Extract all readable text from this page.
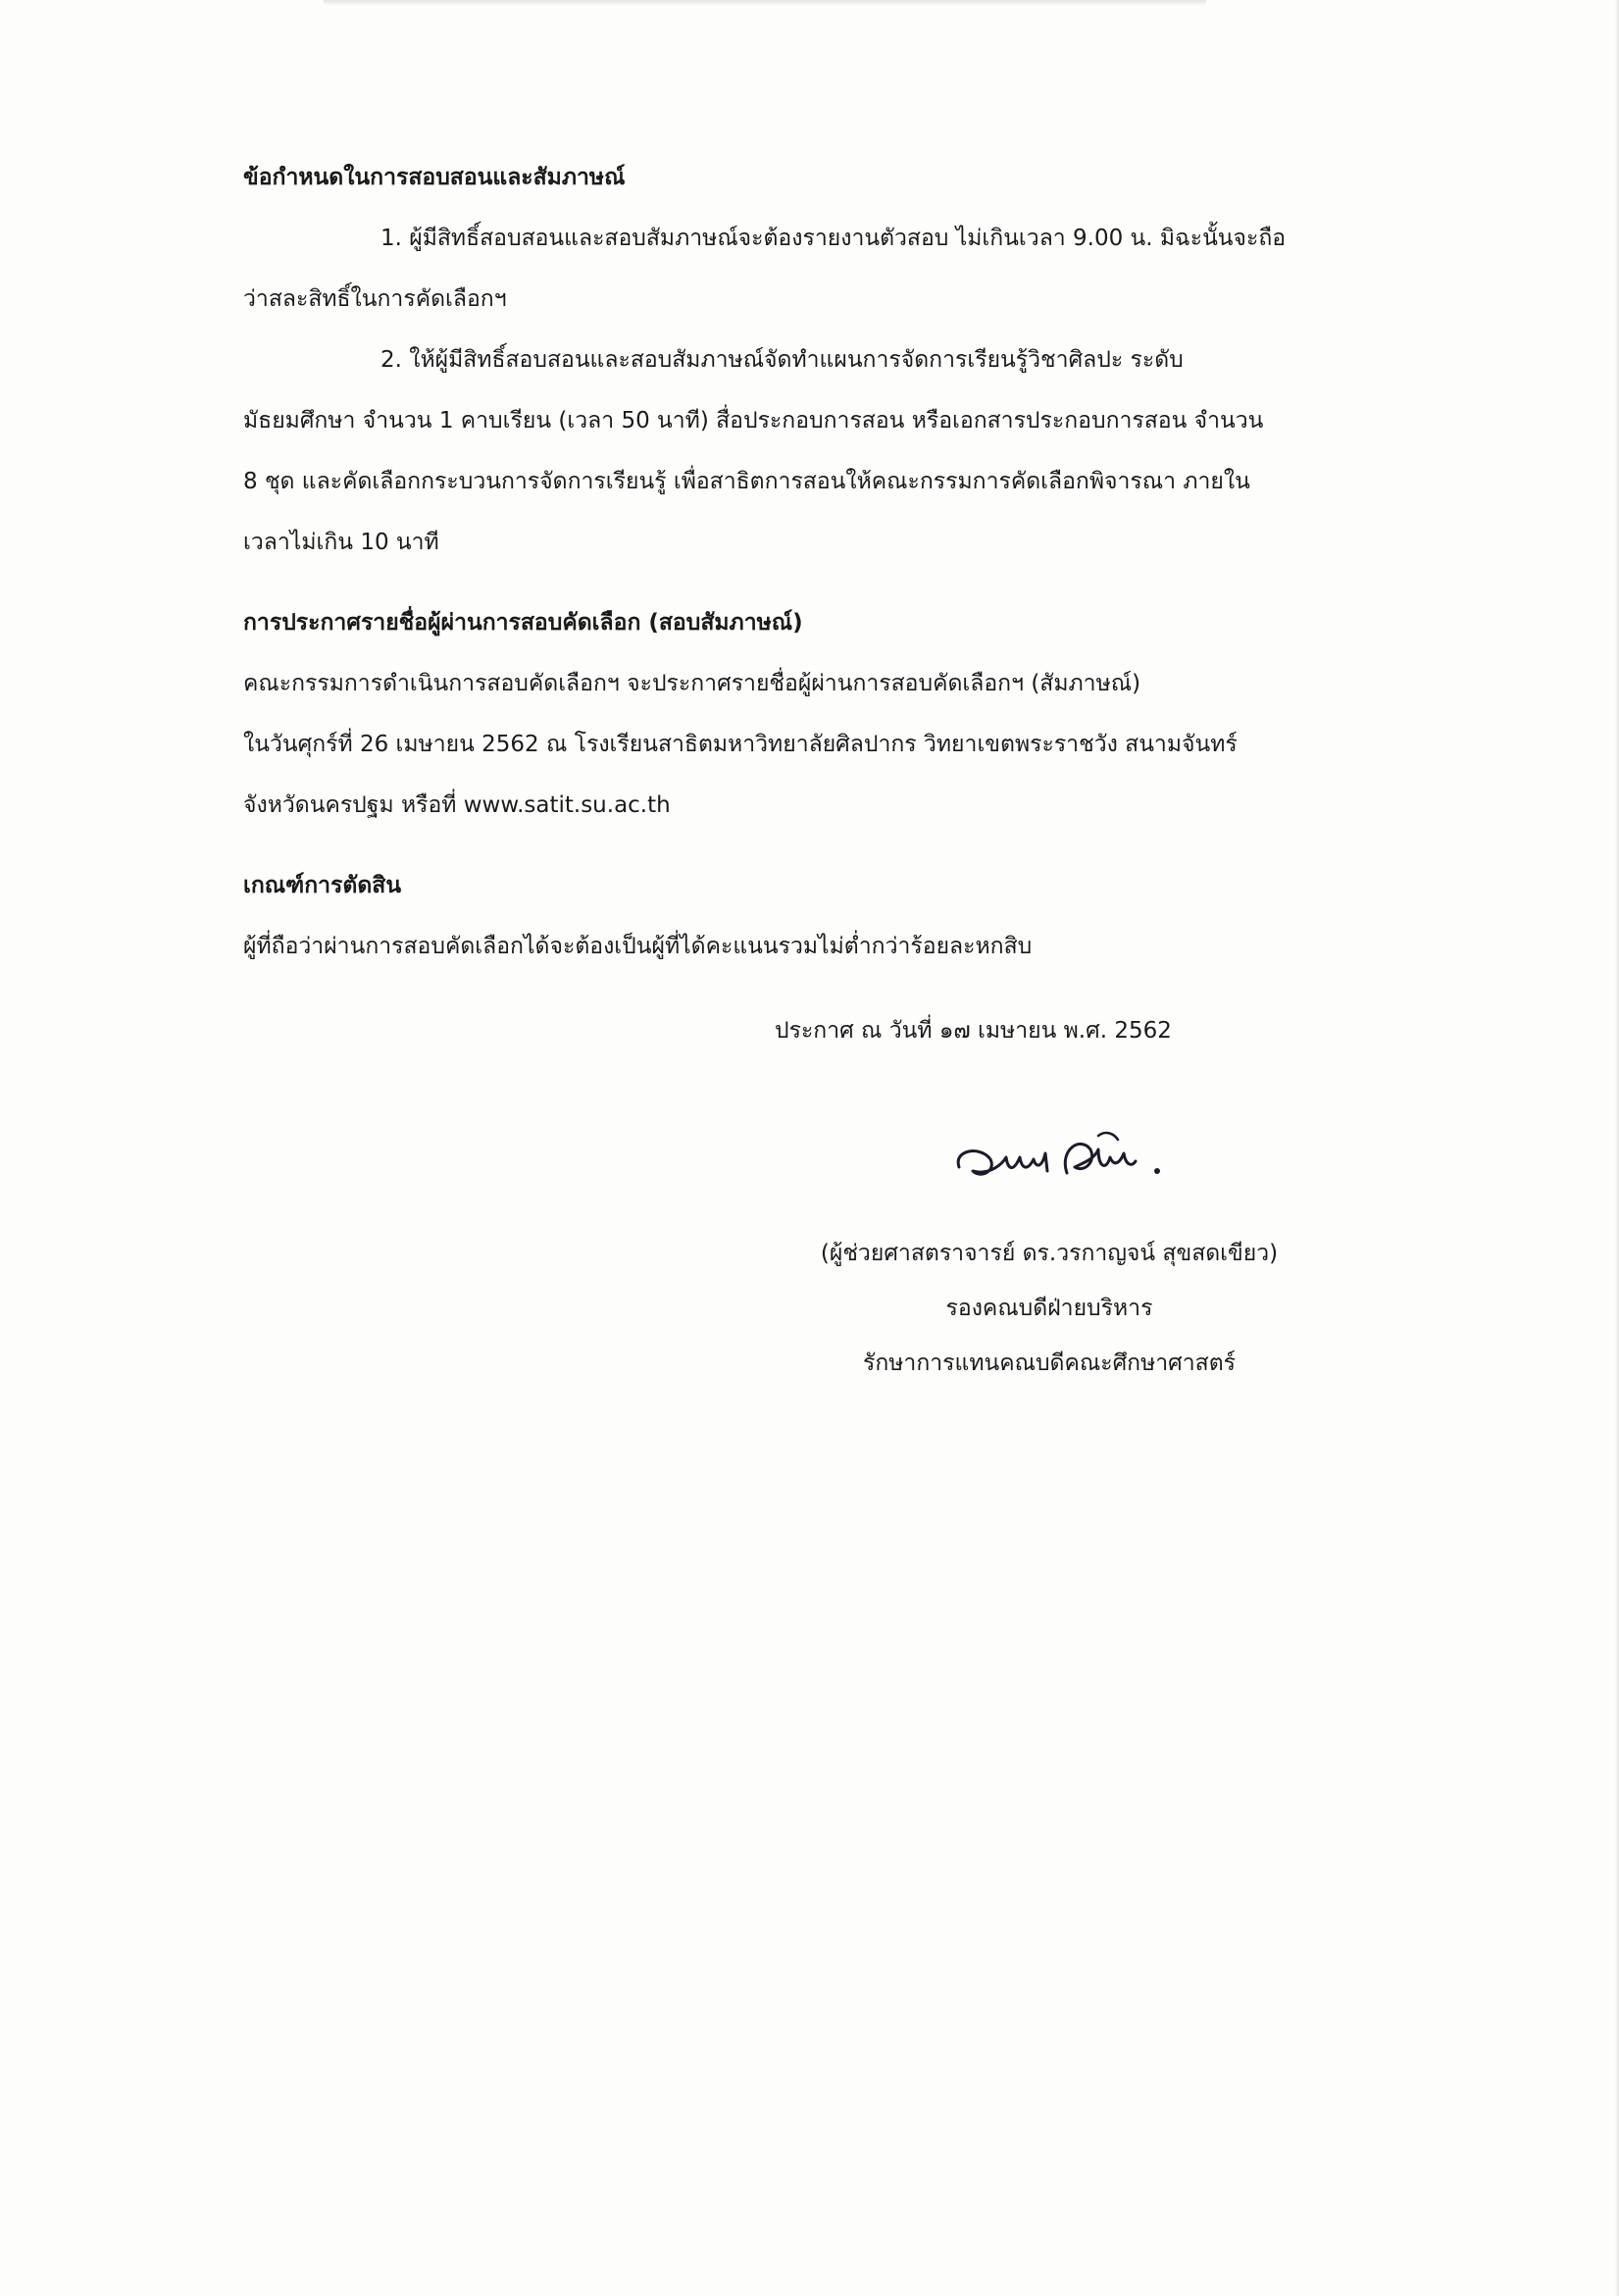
ข้อกำหนดในการสอบสอนและสัมภาษณ์

1. ผู้มีสิทธิ์สอบสอนและสอบสัมภาษณ์จะต้องรายงานตัวสอบ ไม่เกินเวลา 9.00 น. มิฉะนั้นจะถือ

ว่าสละสิทธิ์ในการคัดเลือกฯ

2. ให้ผู้มีสิทธิ์สอบสอนและสอบสัมภาษณ์จัดทำแผนการจัดการเรียนรู้วิชาศิลปะ ระดับ

มัธยมศึกษา จำนวน 1 คาบเรียน (เวลา 50 นาที) สื่อประกอบการสอน หรือเอกสารประกอบการสอน จำนวน

8 ชุด และคัดเลือกกระบวนการจัดการเรียนรู้ เพื่อสาธิตการสอนให้คณะกรรมการคัดเลือกพิจารณา ภายใน

เวลาไม่เกิน 10 นาที

การประกาศรายชื่อผู้ผ่านการสอบคัดเลือก (สอบสัมภาษณ์)

คณะกรรมการดำเนินการสอบคัดเลือกฯ จะประกาศรายชื่อผู้ผ่านการสอบคัดเลือกฯ (สัมภาษณ์)

ในวันศุกร์ที่ 26 เมษายน 2562 ณ โรงเรียนสาธิตมหาวิทยาลัยศิลปากร วิทยาเขตพระราชวัง สนามจันทร์

จังหวัดนครปฐม หรือที่ www.satit.su.ac.th

เกณฑ์การตัดสิน

ผู้ที่ถือว่าผ่านการสอบคัดเลือกได้จะต้องเป็นผู้ที่ได้คะแนนรวมไม่ต่ำกว่าร้อยละหกสิบ

ประกาศ ณ วันที่ ๑๗ เมษายน พ.ศ. 2562

(ผู้ช่วยศาสตราจารย์ ดร.วรกาญจน์ สุขสดเขียว)

รองคณบดีฝ่ายบริหาร

รักษาการแทนคณบดีคณะศึกษาศาสตร์
